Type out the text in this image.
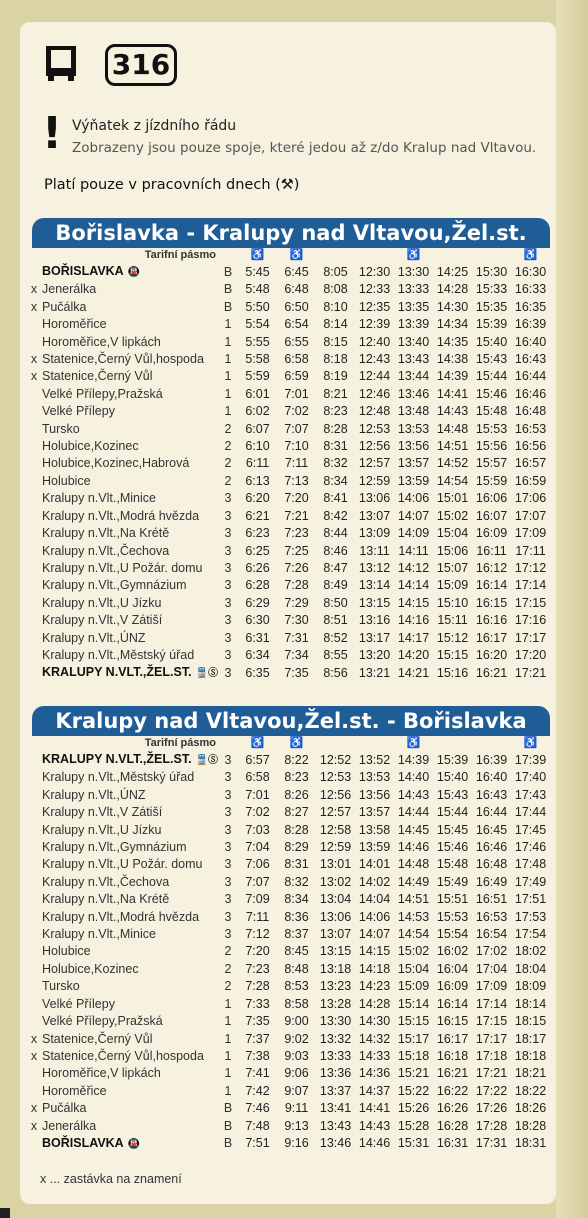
316
! Výňatek z jízdního řádu
Zobrazeny jsou pouze spoje, které jedou až z/do Kralup nad Vltavou.
Platí pouze v pracovních dnech (⚒)
Bořislavka - Kralupy nad Vltavou,Žel.st.
	Tarifní pásmo		♿	♿			♿			♿
	BOŘISLAVKA 🚇	B	5:45	6:45	8:05	12:30	13:30	14:25	15:30	16:30
x	Jenerálka	B	5:48	6:48	8:08	12:33	13:33	14:28	15:33	16:33
x	Pučálka	B	5:50	6:50	8:10	12:35	13:35	14:30	15:35	16:35
	Horoměřice	1	5:54	6:54	8:14	12:39	13:39	14:34	15:39	16:39
	Horoměřice,V lipkách	1	5:55	6:55	8:15	12:40	13:40	14:35	15:40	16:40
x	Statenice,Černý Vůl,hospoda	1	5:58	6:58	8:18	12:43	13:43	14:38	15:43	16:43
x	Statenice,Černý Vůl	1	5:59	6:59	8:19	12:44	13:44	14:39	15:44	16:44
	Velké Přílepy,Pražská	1	6:01	7:01	8:21	12:46	13:46	14:41	15:46	16:46
	Velké Přílepy	1	6:02	7:02	8:23	12:48	13:48	14:43	15:48	16:48
	Tursko	2	6:07	7:07	8:28	12:53	13:53	14:48	15:53	16:53
	Holubice,Kozinec	2	6:10	7:10	8:31	12:56	13:56	14:51	15:56	16:56
	Holubice,Kozinec,Habrová	2	6:11	7:11	8:32	12:57	13:57	14:52	15:57	16:57
	Holubice	2	6:13	7:13	8:34	12:59	13:59	14:54	15:59	16:59
	Kralupy n.Vlt.,Minice	3	6:20	7:20	8:41	13:06	14:06	15:01	16:06	17:06
	Kralupy n.Vlt.,Modrá hvězda	3	6:21	7:21	8:42	13:07	14:07	15:02	16:07	17:07
	Kralupy n.Vlt.,Na Krétě	3	6:23	7:23	8:44	13:09	14:09	15:04	16:09	17:09
	Kralupy n.Vlt.,Čechova	3	6:25	7:25	8:46	13:11	14:11	15:06	16:11	17:11
	Kralupy n.Vlt.,U Požár. domu	3	6:26	7:26	8:47	13:12	14:12	15:07	16:12	17:12
	Kralupy n.Vlt.,Gymnázium	3	6:28	7:28	8:49	13:14	14:14	15:09	16:14	17:14
	Kralupy n.Vlt.,U Jízku	3	6:29	7:29	8:50	13:15	14:15	15:10	16:15	17:15
	Kralupy n.Vlt.,V Zátiší	3	6:30	7:30	8:51	13:16	14:16	15:11	16:16	17:16
	Kralupy n.Vlt.,ÚNZ	3	6:31	7:31	8:52	13:17	14:17	15:12	16:17	17:17
	Kralupy n.Vlt.,Městský úřad	3	6:34	7:34	8:55	13:20	14:20	15:15	16:20	17:20
	KRALUPY N.VLT.,ŽEL.ST. 🚆Ⓢ	3	6:35	7:35	8:56	13:21	14:21	15:16	16:21	17:21
Kralupy nad Vltavou,Žel.st. - Bořislavka
	Tarifní pásmo		♿	♿			♿			♿
	KRALUPY N.VLT.,ŽEL.ST. 🚆Ⓢ	3	6:57	8:22	12:52	13:52	14:39	15:39	16:39	17:39
	Kralupy n.Vlt.,Městský úřad	3	6:58	8:23	12:53	13:53	14:40	15:40	16:40	17:40
	Kralupy n.Vlt.,ÚNZ	3	7:01	8:26	12:56	13:56	14:43	15:43	16:43	17:43
	Kralupy n.Vlt.,V Zátiší	3	7:02	8:27	12:57	13:57	14:44	15:44	16:44	17:44
	Kralupy n.Vlt.,U Jízku	3	7:03	8:28	12:58	13:58	14:45	15:45	16:45	17:45
	Kralupy n.Vlt.,Gymnázium	3	7:04	8:29	12:59	13:59	14:46	15:46	16:46	17:46
	Kralupy n.Vlt.,U Požár. domu	3	7:06	8:31	13:01	14:01	14:48	15:48	16:48	17:48
	Kralupy n.Vlt.,Čechova	3	7:07	8:32	13:02	14:02	14:49	15:49	16:49	17:49
	Kralupy n.Vlt.,Na Krétě	3	7:09	8:34	13:04	14:04	14:51	15:51	16:51	17:51
	Kralupy n.Vlt.,Modrá hvězda	3	7:11	8:36	13:06	14:06	14:53	15:53	16:53	17:53
	Kralupy n.Vlt.,Minice	3	7:12	8:37	13:07	14:07	14:54	15:54	16:54	17:54
	Holubice	2	7:20	8:45	13:15	14:15	15:02	16:02	17:02	18:02
	Holubice,Kozinec	2	7:23	8:48	13:18	14:18	15:04	16:04	17:04	18:04
	Tursko	2	7:28	8:53	13:23	14:23	15:09	16:09	17:09	18:09
	Velké Přílepy	1	7:33	8:58	13:28	14:28	15:14	16:14	17:14	18:14
	Velké Přílepy,Pražská	1	7:35	9:00	13:30	14:30	15:15	16:15	17:15	18:15
x	Statenice,Černý Vůl	1	7:37	9:02	13:32	14:32	15:17	16:17	17:17	18:17
x	Statenice,Černý Vůl,hospoda	1	7:38	9:03	13:33	14:33	15:18	16:18	17:18	18:18
	Horoměřice,V lipkách	1	7:41	9:06	13:36	14:36	15:21	16:21	17:21	18:21
	Horoměřice	1	7:42	9:07	13:37	14:37	15:22	16:22	17:22	18:22
x	Pučálka	B	7:46	9:11	13:41	14:41	15:26	16:26	17:26	18:26
x	Jenerálka	B	7:48	9:13	13:43	14:43	15:28	16:28	17:28	18:28
	BOŘISLAVKA 🚇	B	7:51	9:16	13:46	14:46	15:31	16:31	17:31	18:31
x ... zastávka na znamení
